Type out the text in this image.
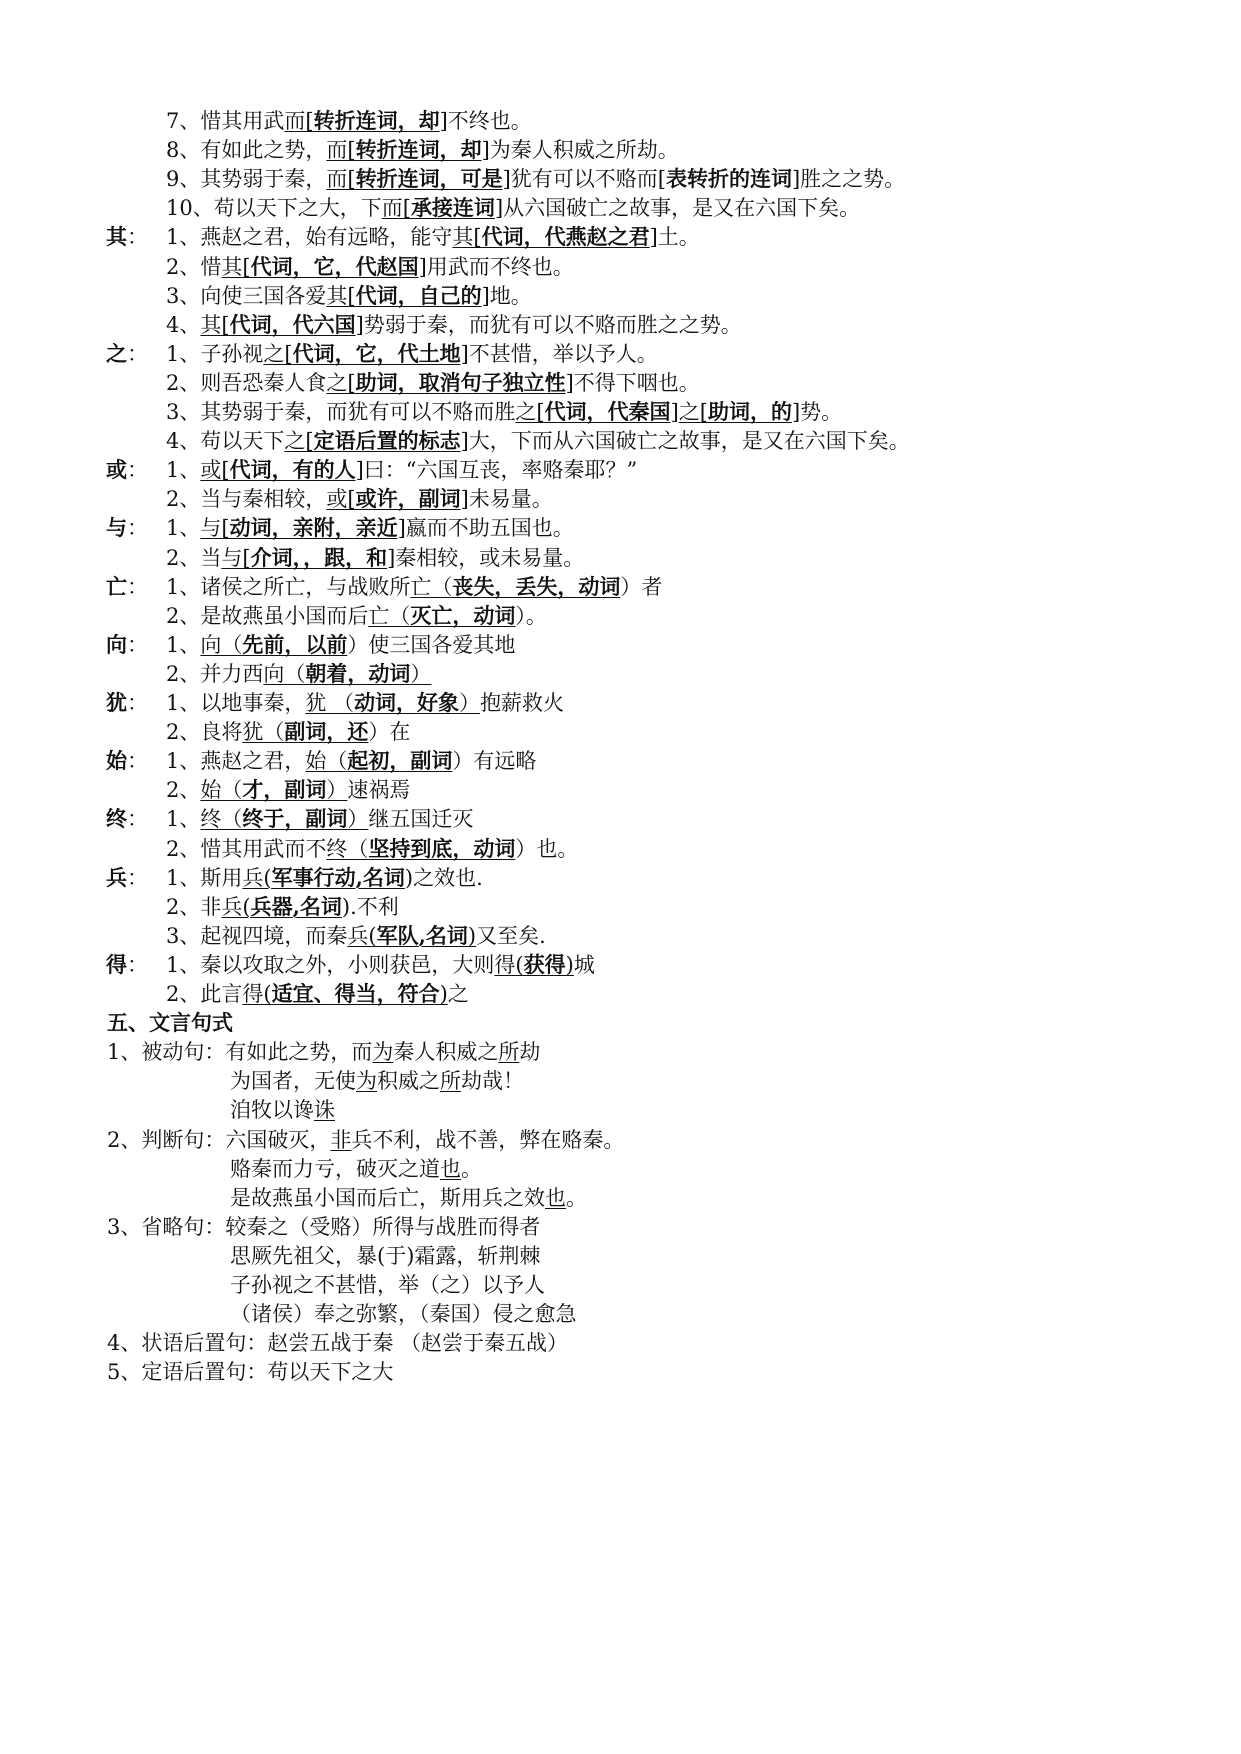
7、惜其用武而[转折连词，却]不终也。
8、有如此之势，而[转折连词，却]为秦人积威之所劫。
9、其势弱于秦，而[转折连词，可是]犹有可以不赂而[表转折的连词]胜之之势。
10、苟以天下之大，下而[承接连词]从六国破亡之故事，是又在六国下矣。
其 ： 1、燕赵之君，始有远略，能守其[代词，代燕赵之君]土。
2、惜其[代词，它，代赵国]用武而不终也。
3、向使三国各爱其[代词，自己的]地。
4、其[代词，代六国]势弱于秦，而犹有可以不赂而胜之之势。
之 ： 1、子孙视之[代词，它，代土地]不甚惜，举以予人。
2、则吾恐秦人食之[助词，取消句子独立性]不得下咽也。
3、其势弱于秦，而犹有可以不赂而胜之[代词，代秦国]之[助词，的]势。
4、苟以天下之[定语后置的标志]大，下而从六国破亡之故事，是又在六国下矣。
或 ： 1、或[代词，有的人]曰：“六国互丧，率赂秦耶？”
2、当与秦相较，或[或许，副词]未易量。
与 ： 1、与[动词，亲附，亲近]嬴而不助五国也。
2、当与[介词，，跟，和]秦相较，或未易量。
亡 ： 1、诸侯之所亡，与战败所亡（丧失，丢失，动词）者
2、是故燕虽小国而后亡（灭亡，动词）。
向 ： 1、向（先前，以前）使三国各爱其地
2、并力西向（朝着，动词）
犹 ： 1、以地事秦，犹 （动词，好象）抱薪救火
2、良将犹（副词，还）在
始 ： 1、燕赵之君，始（起初，副词）有远略
2、始（才，副词）速祸焉
终 ： 1、终（终于，副词）继五国迁灭
2、惜其用武而不终（坚持到底，动词）也。
兵 ： 1、斯用兵(军事行动,名词)之效也.
2、非兵(兵器,名词).不利
3、起视四境，而秦兵(军队,名词)又至矣.
得 ： 1、秦以攻取之外，小则获邑，大则得(获得)城
2、此言得(适宜、得当，符合)之
五、文言句式
1、被动句：有如此之势，而为秦人积威之所劫
为国者，无使为积威之所劫哉！
洎牧以谗诛
2、判断句：六国破灭，非兵不利，战不善，弊在赂秦。
赂秦而力亏，破灭之道也。
是故燕虽小国而后亡，斯用兵之效也。
3、省略句：较秦之（受赂）所得与战胜而得者
思厥先祖父，暴(于)霜露，斩荆棘
子孙视之不甚惜，举（之）以予人
（诸侯）奉之弥繁，（秦国）侵之愈急
4、状语后置句：赵尝五战于秦 （赵尝于秦五战）
5、定语后置句：苟以天下之大
